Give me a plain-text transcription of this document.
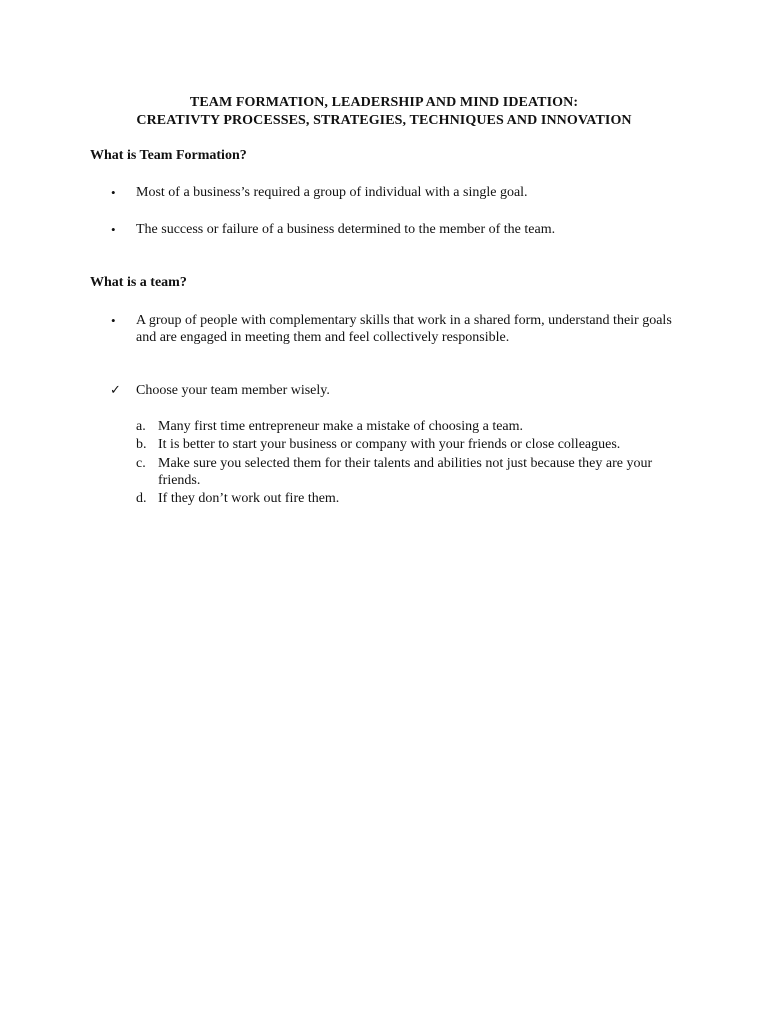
TEAM FORMATION, LEADERSHIP AND MIND IDEATION:
CREATIVTY PROCESSES, STRATEGIES, TECHNIQUES AND INNOVATION
What is Team Formation?
• Most of a business’s required a group of individual with a single goal.
• The success or failure of a business determined to the member of the team.
What is a team?
• A group of people with complementary skills that work in a shared form, understand their goals and are engaged in meeting them and feel collectively responsible.
✓ Choose your team member wisely.
a. Many first time entrepreneur make a mistake of choosing a team.
b. It is better to start your business or company with your friends or close colleagues.
c. Make sure you selected them for their talents and abilities not just because they are your friends.
d. If they don’t work out fire them.
